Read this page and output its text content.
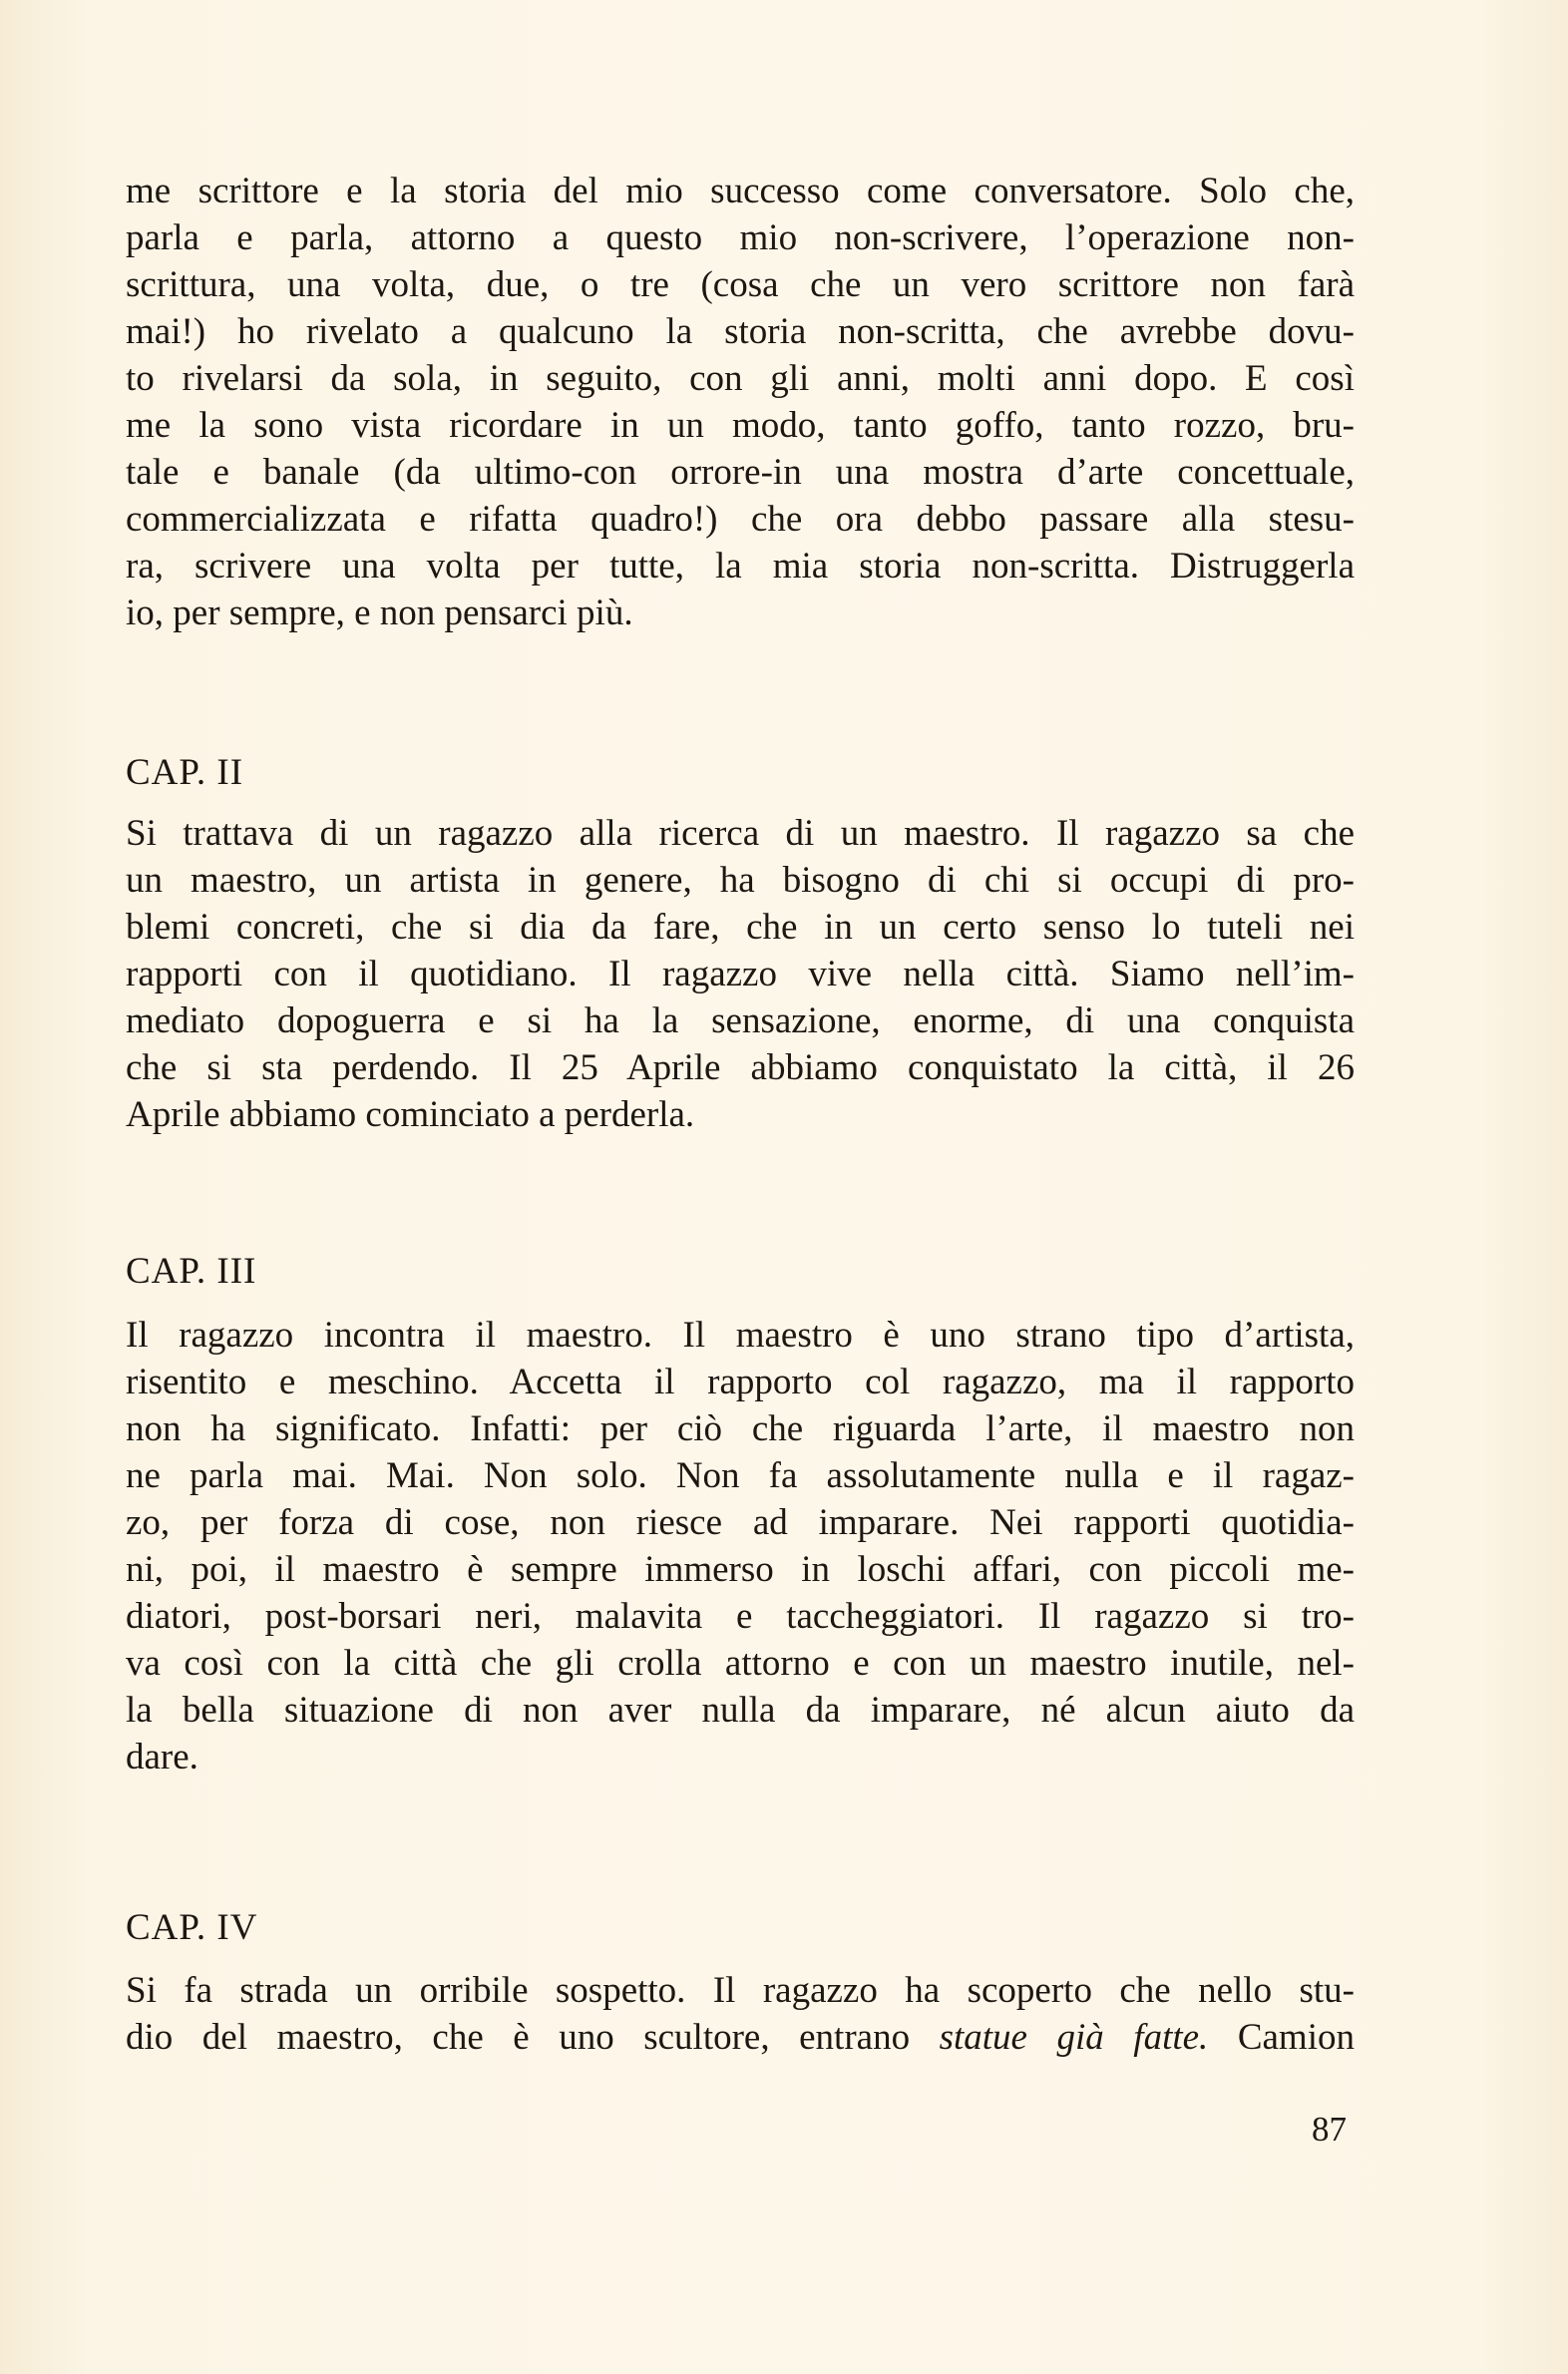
me scrittore e la storia del mio successo come conversatore. Solo che,
parla e parla, attorno a questo mio non-scrivere, l’operazione non-
scrittura, una volta, due, o tre (cosa che un vero scrittore non farà
mai!) ho rivelato a qualcuno la storia non-scritta, che avrebbe dovu-
to rivelarsi da sola, in seguito, con gli anni, molti anni dopo. E così
me la sono vista ricordare in un modo, tanto goffo, tanto rozzo, bru-
tale e banale (da ultimo-con orrore-in una mostra d’arte concettuale,
commercializzata e rifatta quadro!) che ora debbo passare alla stesu-
ra, scrivere una volta per tutte, la mia storia non-scritta. Distruggerla
io, per sempre, e non pensarci più.
CAP. II
Si trattava di un ragazzo alla ricerca di un maestro. Il ragazzo sa che
un maestro, un artista in genere, ha bisogno di chi si occupi di pro-
blemi concreti, che si dia da fare, che in un certo senso lo tuteli nei
rapporti con il quotidiano. Il ragazzo vive nella città. Siamo nell’im-
mediato dopoguerra e si ha la sensazione, enorme, di una conquista
che si sta perdendo. Il 25 Aprile abbiamo conquistato la città, il 26
Aprile abbiamo cominciato a perderla.
CAP. III
Il ragazzo incontra il maestro. Il maestro è uno strano tipo d’artista,
risentito e meschino. Accetta il rapporto col ragazzo, ma il rapporto
non ha significato. Infatti: per ciò che riguarda l’arte, il maestro non
ne parla mai. Mai. Non solo. Non fa assolutamente nulla e il ragaz-
zo, per forza di cose, non riesce ad imparare. Nei rapporti quotidia-
ni, poi, il maestro è sempre immerso in loschi affari, con piccoli me-
diatori, post-borsari neri, malavita e taccheggiatori. Il ragazzo si tro-
va così con la città che gli crolla attorno e con un maestro inutile, nel-
la bella situazione di non aver nulla da imparare, né alcun aiuto da
dare.
CAP. IV
Si fa strada un orribile sospetto. Il ragazzo ha scoperto che nello stu-
dio del maestro, che è uno scultore, entrano statue già fatte. Camion
87
